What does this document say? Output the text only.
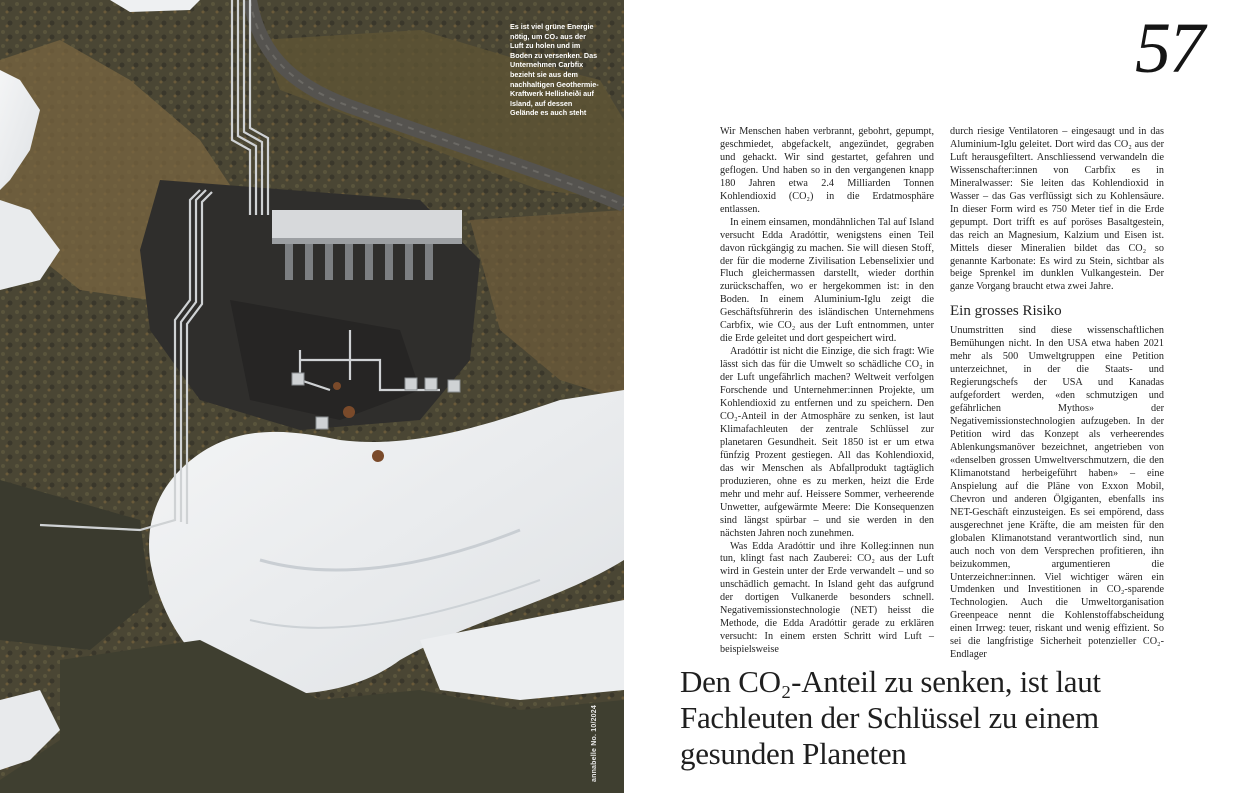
Es ist viel grüne Energie nötig, um CO₂ aus der Luft zu holen und im Boden zu versenken. Das Unternehmen Carbfix bezieht sie aus dem nachhaltigen Geothermie-Kraftwerk Hellisheiði auf Island, auf dessen Gelände es auch steht
annabelle No. 10/2024
57

Wir Menschen haben verbrannt, gebohrt, gepumpt, geschmiedet, abgefackelt, angezündet, gegraben und gehackt. Wir sind gestartet, gefahren und geflogen. Und haben so in den vergangenen knapp 180 Jahren etwa 2.4 Milliarden Tonnen Kohlendioxid (CO₂) in die Erdatmosphäre entlassen.

In einem einsamen, mondähnlichen Tal auf Island versucht Edda Aradóttir, wenigstens einen Teil davon rückgängig zu machen. Sie will diesen Stoff, der für die moderne Zivilisation Lebenselixier und Fluch gleichermassen darstellt, wieder dorthin zurückschaffen, wo er hergekommen ist: in den Boden. In einem Aluminium-Iglu zeigt die Geschäftsführerin des isländischen Unternehmens Carbfix, wie CO₂ aus der Luft entnommen, unter die Erde geleitet und dort gespeichert wird.

Aradóttir ist nicht die Einzige, die sich fragt: Wie lässt sich das für die Umwelt so schädliche CO₂ in der Luft ungefährlich machen? Weltweit verfolgen Forschende und Unternehmer:innen Projekte, um Kohlendioxid zu entfernen und zu speichern. Den CO₂-Anteil in der Atmosphäre zu senken, ist laut Klimafachleuten der zentrale Schlüssel zur planetaren Gesundheit. Seit 1850 ist er um etwa fünfzig Prozent gestiegen. All das Kohlendioxid, das wir Menschen als Abfallprodukt tagtäglich produzieren, ohne es zu merken, heizt die Erde mehr und mehr auf. Heissere Sommer, verheerende Unwetter, aufgewärmte Meere: Die Konsequenzen sind längst spürbar – und sie werden in den nächsten Jahren noch zunehmen.

Was Edda Aradóttir und ihre Kolleg:innen nun tun, klingt fast nach Zauberei: CO₂ aus der Luft wird in Gestein unter der Erde verwandelt – und so unschädlich gemacht. In Island geht das aufgrund der dortigen Vulkanerde besonders schnell. Negativemissionstechnologie (NET) heisst die Methode, die Edda Aradóttir gerade zu erklären versucht: In einem ersten Schritt wird Luft – beispielsweise

durch riesige Ventilatoren – eingesaugt und in das Aluminium-Iglu geleitet. Dort wird das CO₂ aus der Luft herausgefiltert. Anschliessend verwandeln die Wissenschafter:innen von Carbfix es in Mineralwasser: Sie leiten das Kohlendioxid in Wasser – das Gas verflüssigt sich zu Kohlensäure. In dieser Form wird es 750 Meter tief in die Erde gepumpt. Dort trifft es auf poröses Basaltgestein, das reich an Magnesium, Kalzium und Eisen ist. Mittels dieser Mineralien bildet das CO₂ so genannte Karbonate: Es wird zu Stein, sichtbar als beige Sprenkel im dunklen Vulkangestein. Der ganze Vorgang braucht etwa zwei Jahre.

Ein grosses Risiko

Unumstritten sind diese wissenschaftlichen Bemühungen nicht. In den USA etwa haben 2021 mehr als 500 Umweltgruppen eine Petition unterzeichnet, in der die Staats- und Regierungschefs der USA und Kanadas aufgefordert werden, «den schmutzigen und gefährlichen Mythos» der Negativemissionstechnologien aufzugeben. In der Petition wird das Konzept als verheerendes Ablenkungsmanöver bezeichnet, angetrieben von «denselben grossen Umweltverschmutzern, die den Klimanotstand herbeigeführt haben» – eine Anspielung auf die Pläne von Exxon Mobil, Chevron und anderen Ölgiganten, ebenfalls ins NET-Geschäft einzusteigen. Es sei empörend, dass ausgerechnet jene Kräfte, die am meisten für den globalen Klimanotstand verantwortlich sind, nun auch noch von dem Versprechen profitieren, ihn beizukommen, argumentieren die Unterzeichner:innen. Viel wichtiger wären ein Umdenken und Investitionen in CO₂-sparende Technologien. Auch die Umweltorganisation Greenpeace nennt die Kohlenstoffabscheidung einen Irrweg: teuer, riskant und wenig effizient. So sei die langfristige Sicherheit potenzieller CO₂-Endlager

Den CO₂-Anteil zu senken, ist laut Fachleuten der Schlüssel zu einem gesunden Planeten
